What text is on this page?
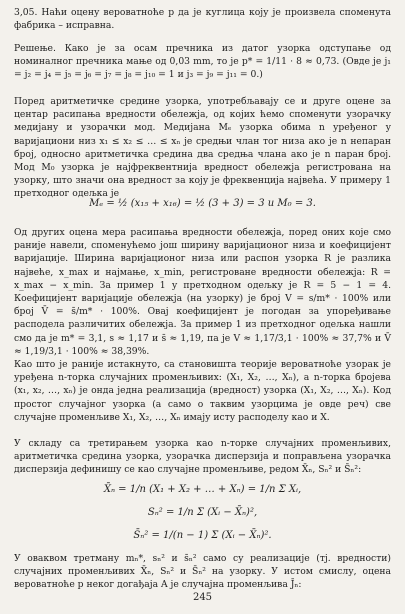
3,05. Наћи оцену вероватноће p да је куглица коју је произвела споменута фабрика – исправна.

Решење. Како је за осам пречника из датог узорка одступање од номиналног пречника мање од 0,03 mm, то је p* = 1/11 · 8 ≈ 0,73. (Овде је j₁ = j₂ = j₄ = j₅ = j₆ = j₇ = j₈ = j₁₀ = 1 и j₃ = j₉ = j₁₁ = 0.)

Поред аритметичке средине узорка, употребљавају се и друге оцене за центар расипања вредности обележја, од којих ћемо споменути узорачку медијану и узорачки мод. Медијана Mₑ узорка обима n уређеног у варијациони низ x₁ ≤ x₂ ≤ … ≤ xₙ је средњи члан тог низа ако је n непаран број, односно аритметичка средина два средња члана ако је n паран број. Мод M₀ узорка је најфреквентнија вредност обележја регистрована на узорку, што значи она вредност за коју је фреквенција највећа. У примеру 1 претходног одељка је

Mₑ = ½ (x₁₅ + x₁₆) = ½ (3 + 3) = 3 и M₀ = 3.

Од других оцена мера расипања вредности обележја, поред оних које смо раније навели, споменућемо још ширину варијационог низа и коефицијент варијације. Ширина варијационог низа или распон узорка R је разлика највеће, x_max и најмање, x_min, регистроване вредности обележја: R = x_max − x_min. За пример 1 у претходном одељку је R = 5 − 1 = 4. Коефицијент варијације обележја (на узорку) је број V = s/m* · 100% или број V̄ = s̄/m* · 100%. Овај коефицијент је погодан за упоређивање расподела различитих обележја. За пример 1 из претходног одељка нашли смо да је m* = 3,1, s ≈ 1,17 и s̄ ≈ 1,19, па је V ≈ 1,17/3,1 · 100% ≈ 37,7% и V̄ ≈ 1,19/3,1 · 100% ≈ 38,39%.

Као што је раније истакнуто, са становишта теорије вероватноће узорак је уређена n-торка случајних променљивих: (X₁, X₂, …, Xₙ), а n-торка бројева (x₁, x₂, …, xₙ) је онда једна реализација (вредност) узорка (X₁, X₂, …, Xₙ). Код простог случајног узорка (а само о таквим узорцима је овде реч) све случајне променљиве X₁, X₂, …, Xₙ имају исту расподелу као и X.

У складу са третирањем узорка као n-торке случајних променљивих, аритметичка средина узорка, узорачка дисперзија и поправљена узорачка дисперзија дефинишу се као случајне променљиве, редом X̄ₙ, Sₙ² и S̄ₙ²:

X̄ₙ = 1/n (X₁ + X₂ + … + Xₙ) = 1/n Σ Xᵢ,
Sₙ² = 1/n Σ (Xᵢ − X̄ₙ)²,
S̄ₙ² = 1/(n − 1) Σ (Xᵢ − X̄ₙ)².

У оваквом третману mₙ*, sₙ² и s̄ₙ² само су реализације (тј. вредности) случајних променљивих X̄ₙ, Sₙ² и S̄ₙ² на узорку. У истом смислу, оцена вероватноће p неког догађаја A је случајна променљива J̄ₙ:

245
